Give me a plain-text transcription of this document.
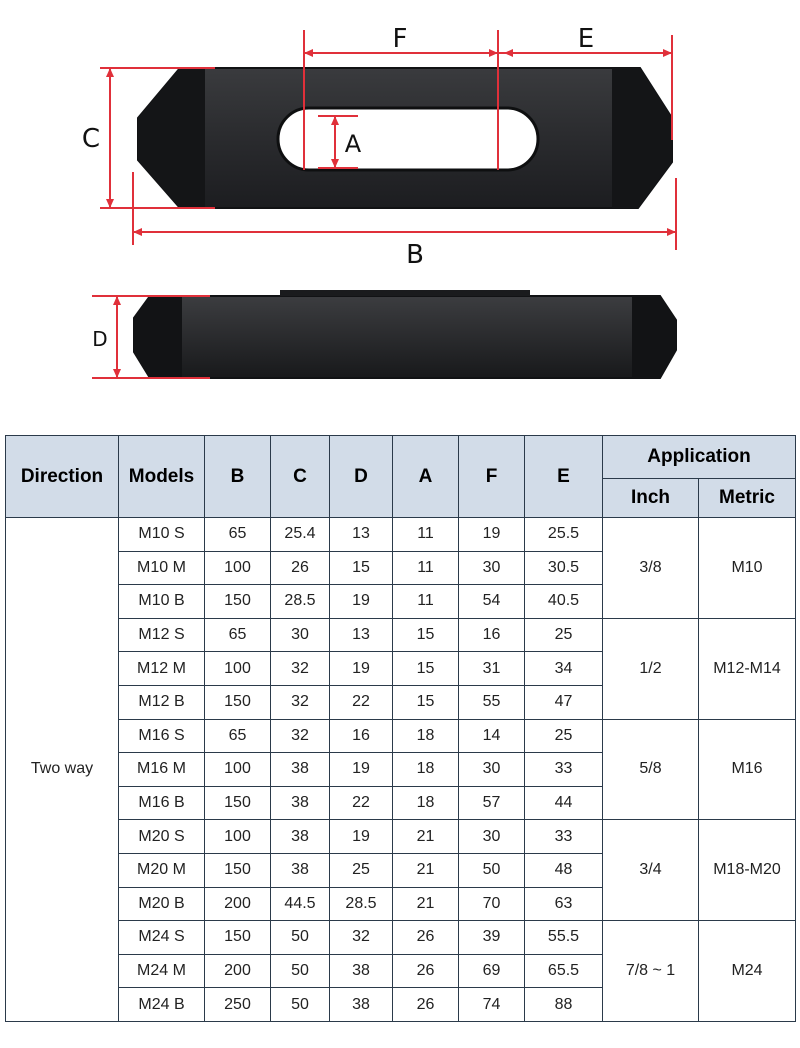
F	E
C	A
B
D
Direction	Models	B	C	D	A	F	E	Application	
								Inch	Metric
Two way	M10 S	65	25.4	13	11	19	25.5	3/8	M10
	M10 M	100	26	15	11	30	30.5		
	M10 B	150	28.5	19	11	54	40.5		
	M12 S	65	30	13	15	16	25	1/2	M12-M14
	M12 M	100	32	19	15	31	34		
	M12 B	150	32	22	15	55	47		
	M16 S	65	32	16	18	14	25	5/8	M16
	M16 M	100	38	19	18	30	33		
	M16 B	150	38	22	18	57	44		
	M20 S	100	38	19	21	30	33	3/4	M18-M20
	M20 M	150	38	25	21	50	48		
	M20 B	200	44.5	28.5	21	70	63		
	M24 S	150	50	32	26	39	55.5	7/8 ~ 1	M24
	M24 M	200	50	38	26	69	65.5		
	M24 B	250	50	38	26	74	88		
